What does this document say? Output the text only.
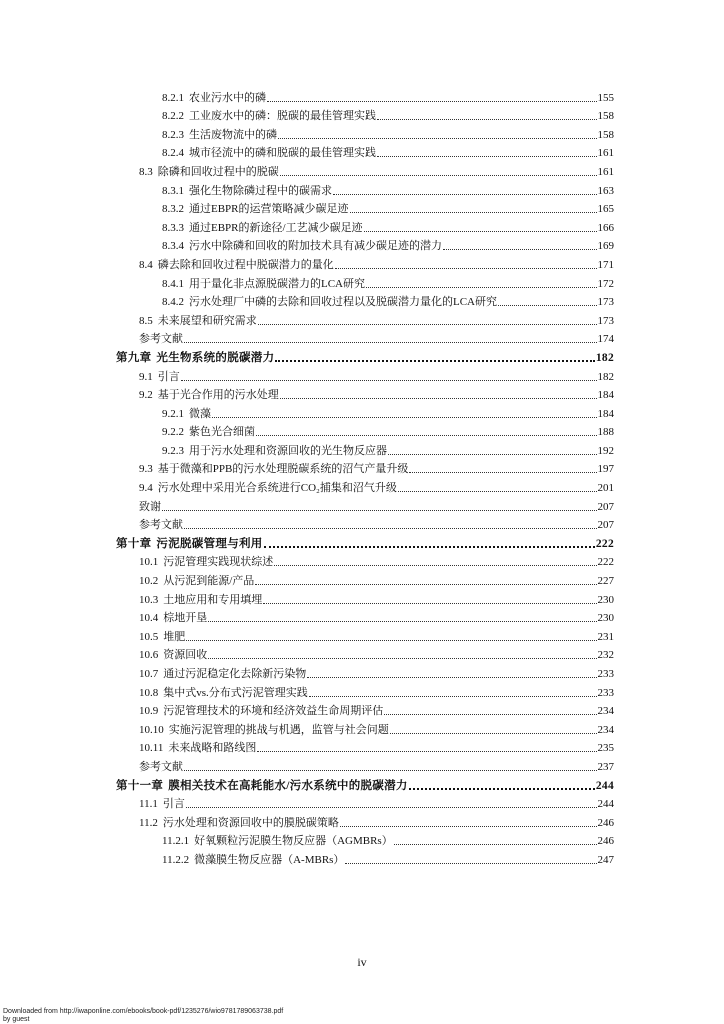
8.2.1 农业污水中的磷	155
8.2.2 工业废水中的磷：脱碳的最佳管理实践	158
8.2.3 生活废物流中的磷	158
8.2.4 城市径流中的磷和脱碳的最佳管理实践	161
8.3 除磷和回收过程中的脱碳	161
8.3.1 强化生物除磷过程中的碳需求	163
8.3.2 通过EBPR的运营策略减少碳足迹	165
8.3.3 通过EBPR的新途径/工艺减少碳足迹	166
8.3.4 污水中除磷和回收的附加技术具有减少碳足迹的潜力	169
8.4 磷去除和回收过程中脱碳潜力的量化	171
8.4.1 用于量化非点源脱碳潜力的LCA研究	172
8.4.2 污水处理厂中磷的去除和回收过程以及脱碳潜力量化的LCA研究	173
8.5 未来展望和研究需求	173
参考文献	174
第九章 光生物系统的脱碳潜力	182
9.1 引言	182
9.2 基于光合作用的污水处理	184
9.2.1 微藻	184
9.2.2 紫色光合细菌	188
9.2.3 用于污水处理和资源回收的光生物反应器	192
9.3 基于微藻和PPB的污水处理脱碳系统的沼气产量升级	197
9.4 污水处理中采用光合系统进行CO₂捕集和沼气升级	201
致谢	207
参考文献	207
第十章 污泥脱碳管理与利用	222
10.1 污泥管理实践现状综述	222
10.2 从污泥到能源/产品	227
10.3 土地应用和专用填埋	230
10.4 棕地开垦	230
10.5 堆肥	231
10.6 资源回收	232
10.7 通过污泥稳定化去除新污染物	233
10.8 集中式vs.分布式污泥管理实践	233
10.9 污泥管理技术的环境和经济效益生命周期评估	234
10.10 实施污泥管理的挑战与机遇，监管与社会问题	234
10.11 未来战略和路线图	235
参考文献	237
第十一章 膜相关技术在高耗能水/污水系统中的脱碳潜力	244
11.1 引言	244
11.2 污水处理和资源回收中的膜脱碳策略	246
11.2.1 好氧颗粒污泥膜生物反应器（AGMBRs）	246
11.2.2 微藻膜生物反应器（A-MBRs）	247
iv
Downloaded from http://iwaponline.com/ebooks/book-pdf/1235276/wio9781789063738.pdf
by guest
